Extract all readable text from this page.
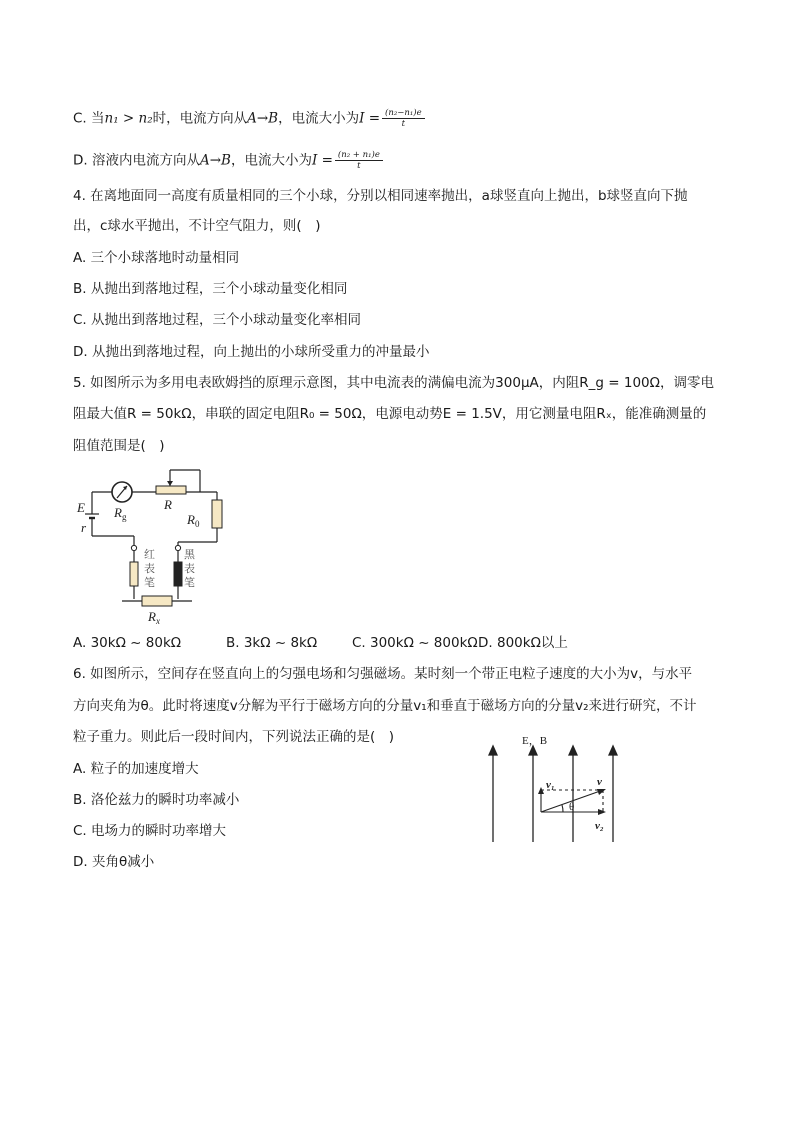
C. 当n₁ > n₂时，电流方向从A→B，电流大小为$I = \frac{\text{(n₂−n₁)e}}{t}$
D. 溶液内电流方向从A→B，电流大小为$I = \frac{\text{(n₂ + n₁)e}}{t}$
4. 在离地面同一高度有质量相同的三个小球，分别以相同速率抛出，a球竖直向上抛出，b球竖直向下抛
出，c球水平抛出，不计空气阻力，则(　)
A. 三个小球落地时动量相同
B. 从抛出到落地过程，三个小球动量变化相同
C. 从抛出到落地过程，三个小球动量变化率相同
D. 从抛出到落地过程，向上抛出的小球所受重力的冲量最小
5. 如图所示为多用电表欧姆挡的原理示意图，其中电流表的满偏电流为300μA，内阻R_g = 100Ω，调零电
阻最大值R = 50kΩ，串联的固定电阻R₀ = 50Ω，电源电动势E = 1.5V，用它测量电阻Rₓ，能准确测量的
阻值范围是(　)
E
r
$R_g$
R
$R_0$
$R_x$
红
表
笔
黑
表
笔
A. 30kΩ ~ 80kΩ	B. 3kΩ ~ 8kΩ	C. 300kΩ ~ 800kΩD. 800kΩ以上
6. 如图所示，空间存在竖直向上的匀强电场和匀强磁场。某时刻一个带正电粒子速度的大小为v，与水平
方向夹角为θ。此时将速度v分解为平行于磁场方向的分量v₁和垂直于磁场方向的分量v₂来进行研究，不计
粒子重力。则此后一段时间内，下列说法正确的是(　)
A. 粒子的加速度增大
B. 洛伦兹力的瞬时功率减小
C. 电场力的瞬时功率增大
D. 夹角θ减小
E，B
v₁	v
θ
v₂
